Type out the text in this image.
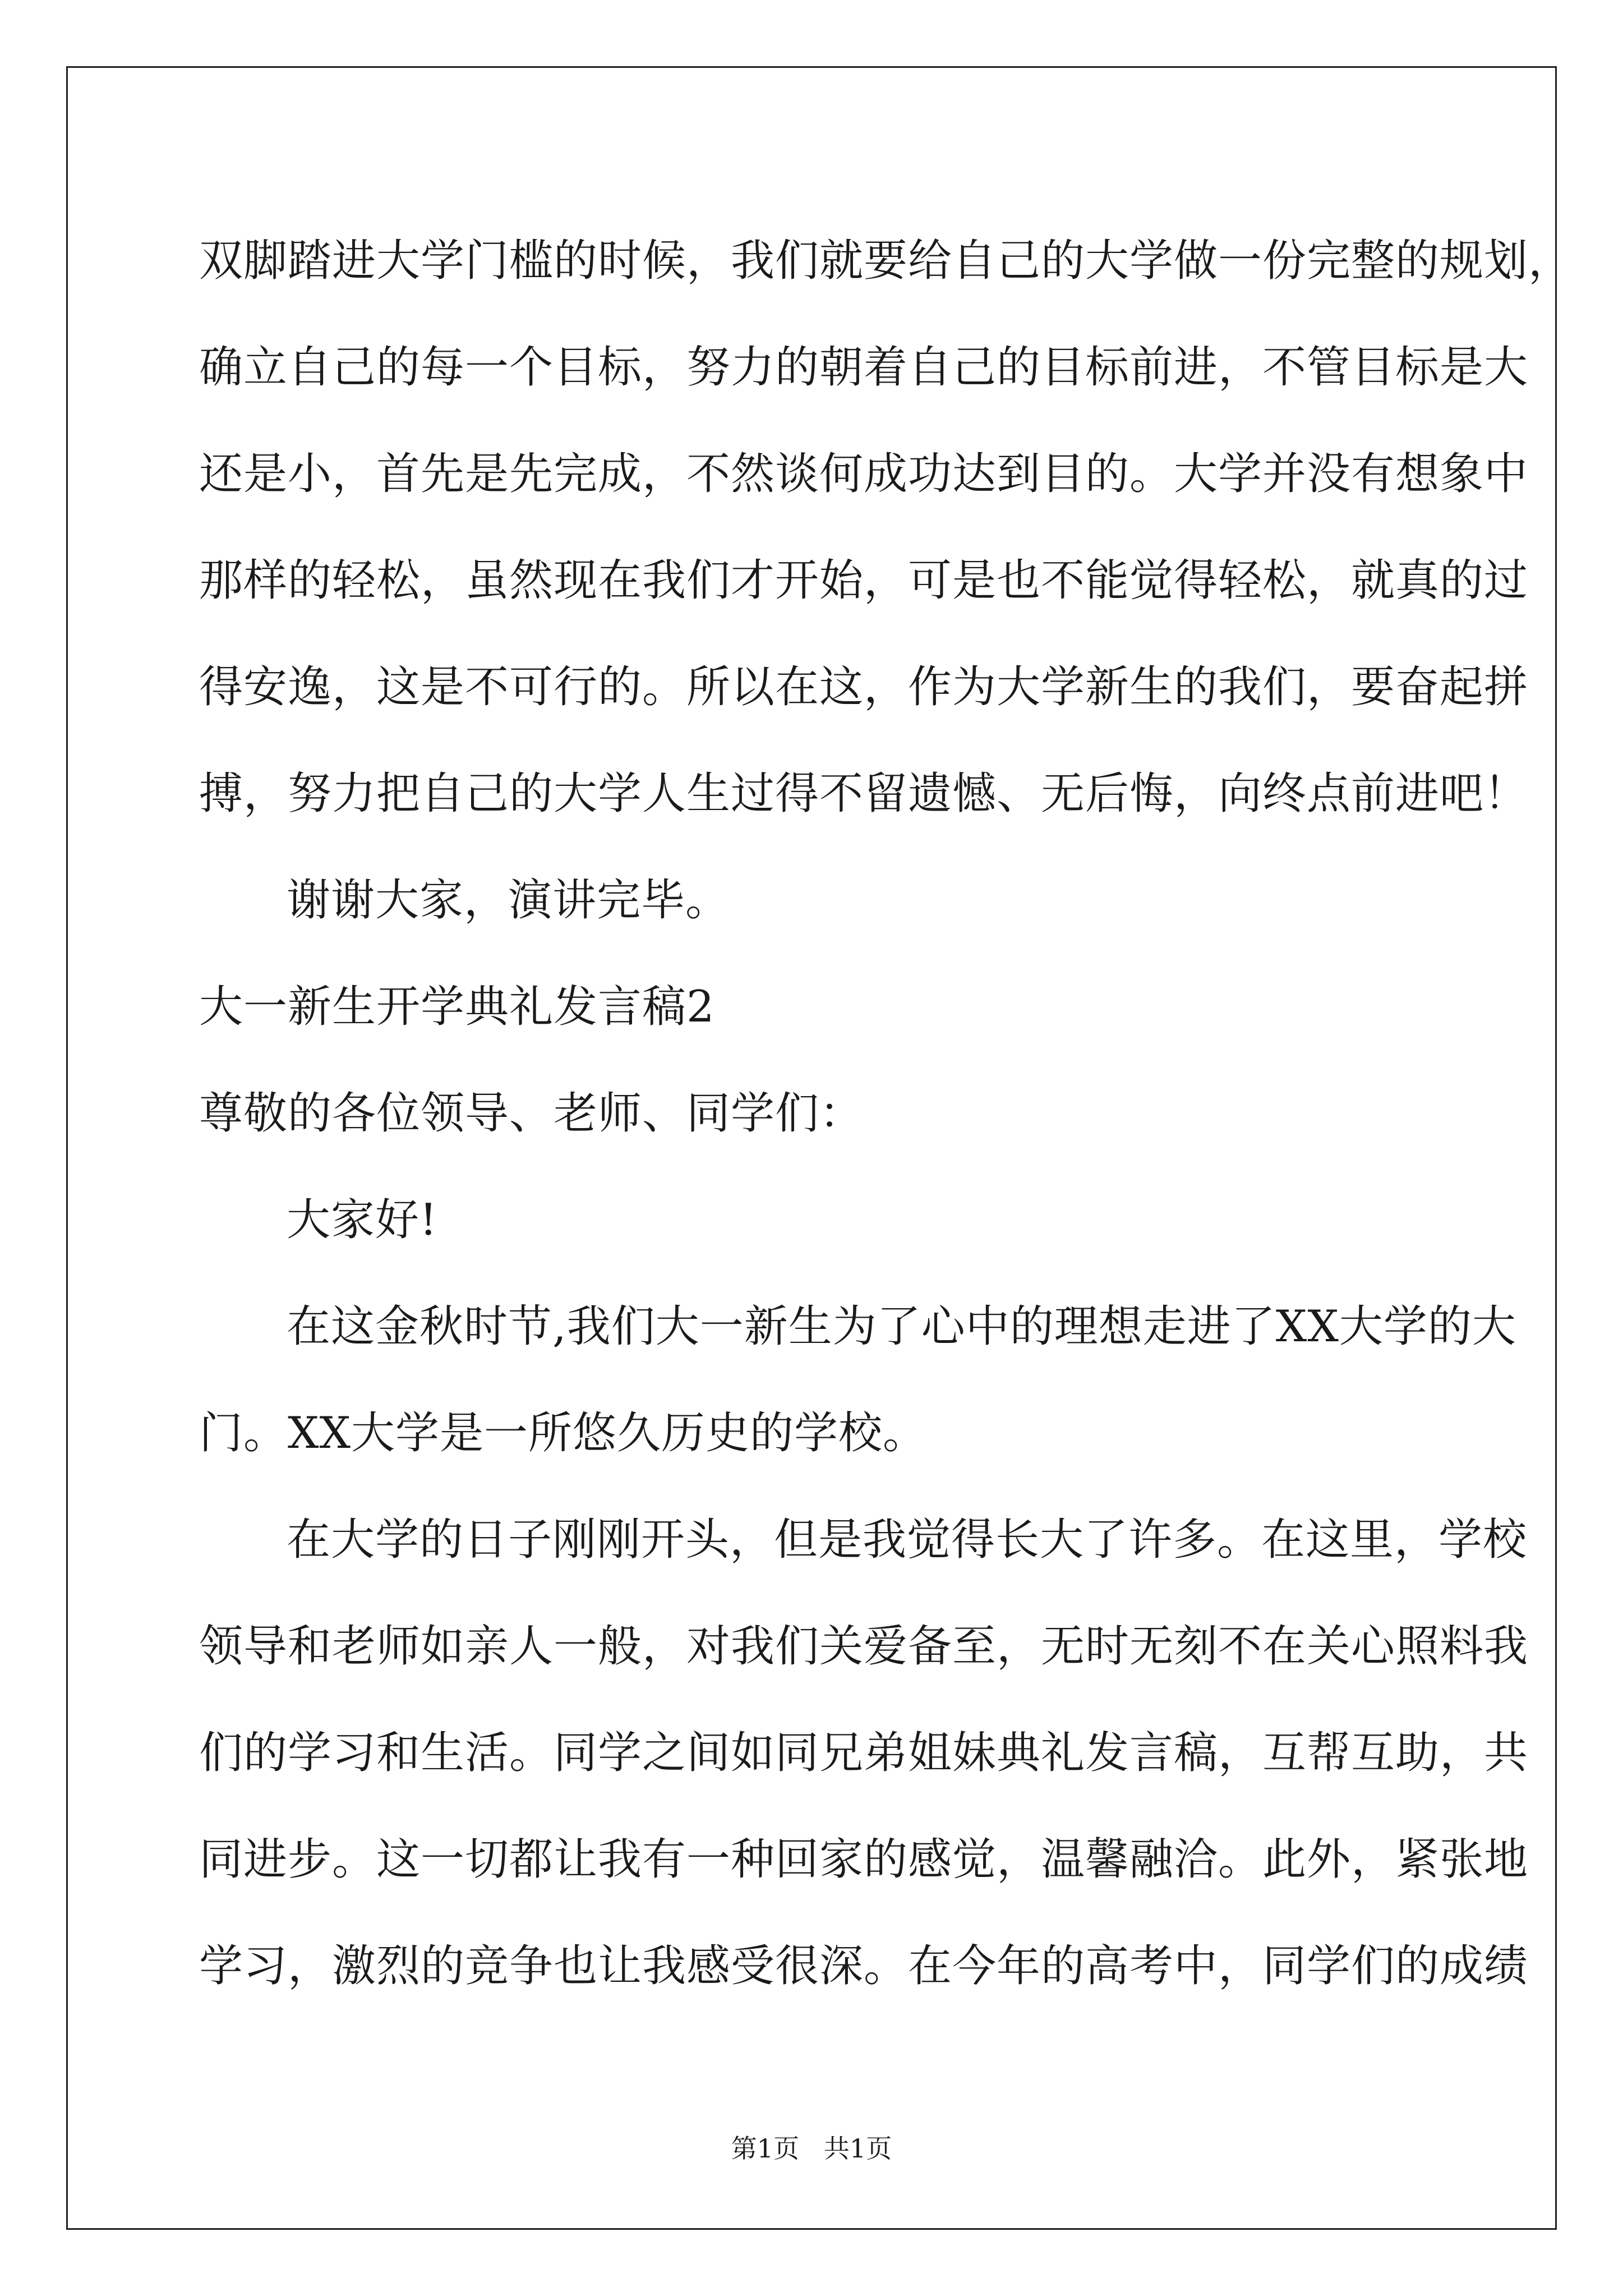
双脚踏进大学门槛的时候，我们就要给自己的大学做一份完整的规划，
确立自己的每一个目标，努力的朝着自己的目标前进，不管目标是大
还是小，首先是先完成，不然谈何成功达到目的。大学并没有想象中
那样的轻松，虽然现在我们才开始，可是也不能觉得轻松，就真的过
得安逸，这是不可行的。所以在这，作为大学新生的我们，要奋起拼
搏，努力把自己的大学人生过得不留遗憾、无后悔，向终点前进吧！
谢谢大家，演讲完毕。
大一新生开学典礼发言稿2
尊敬的各位领导、老师、同学们：
大家好!
在这金秋时节,我们大一新生为了心中的理想走进了XX大学的大
门。XX大学是一所悠久历史的学校。
在大学的日子刚刚开头，但是我觉得长大了许多。在这里，学校
领导和老师如亲人一般，对我们关爱备至，无时无刻不在关心照料我
们的学习和生活。同学之间如同兄弟姐妹典礼发言稿，互帮互助，共
同进步。这一切都让我有一种回家的感觉，温馨融洽。此外，紧张地
学习，激烈的竞争也让我感受很深。在今年的高考中，同学们的成绩
第1页   共1页
